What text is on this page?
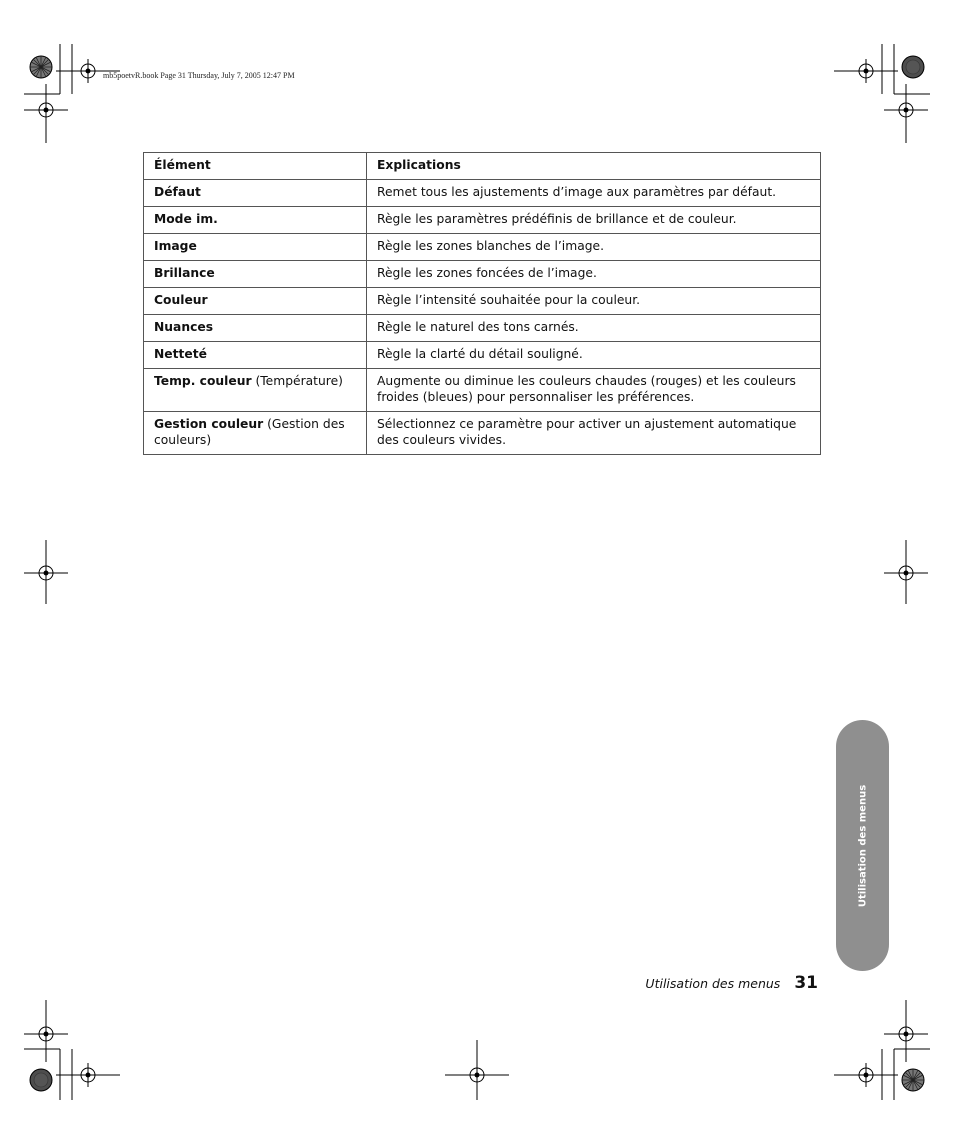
mb5poetvR.book Page 31 Thursday, July 7, 2005 12:47 PM
Élément	Explications
Défaut	Remet tous les ajustements d’image aux paramètres par défaut.
Mode im.	Règle les paramètres prédéfinis de brillance et de couleur.
Image	Règle les zones blanches de l’image.
Brillance	Règle les zones foncées de l’image.
Couleur	Règle l’intensité souhaitée pour la couleur.
Nuances	Règle le naturel des tons carnés.
Netteté	Règle la clarté du détail souligné.
Temp. couleur (Température)	Augmente ou diminue les couleurs chaudes (rouges) et les couleurs froides (bleues) pour personnaliser les préférences.
Gestion couleur (Gestion des couleurs)	Sélectionnez ce paramètre pour activer un ajustement automatique des couleurs vivides.
Utilisation des menus
Utilisation des menus 31
